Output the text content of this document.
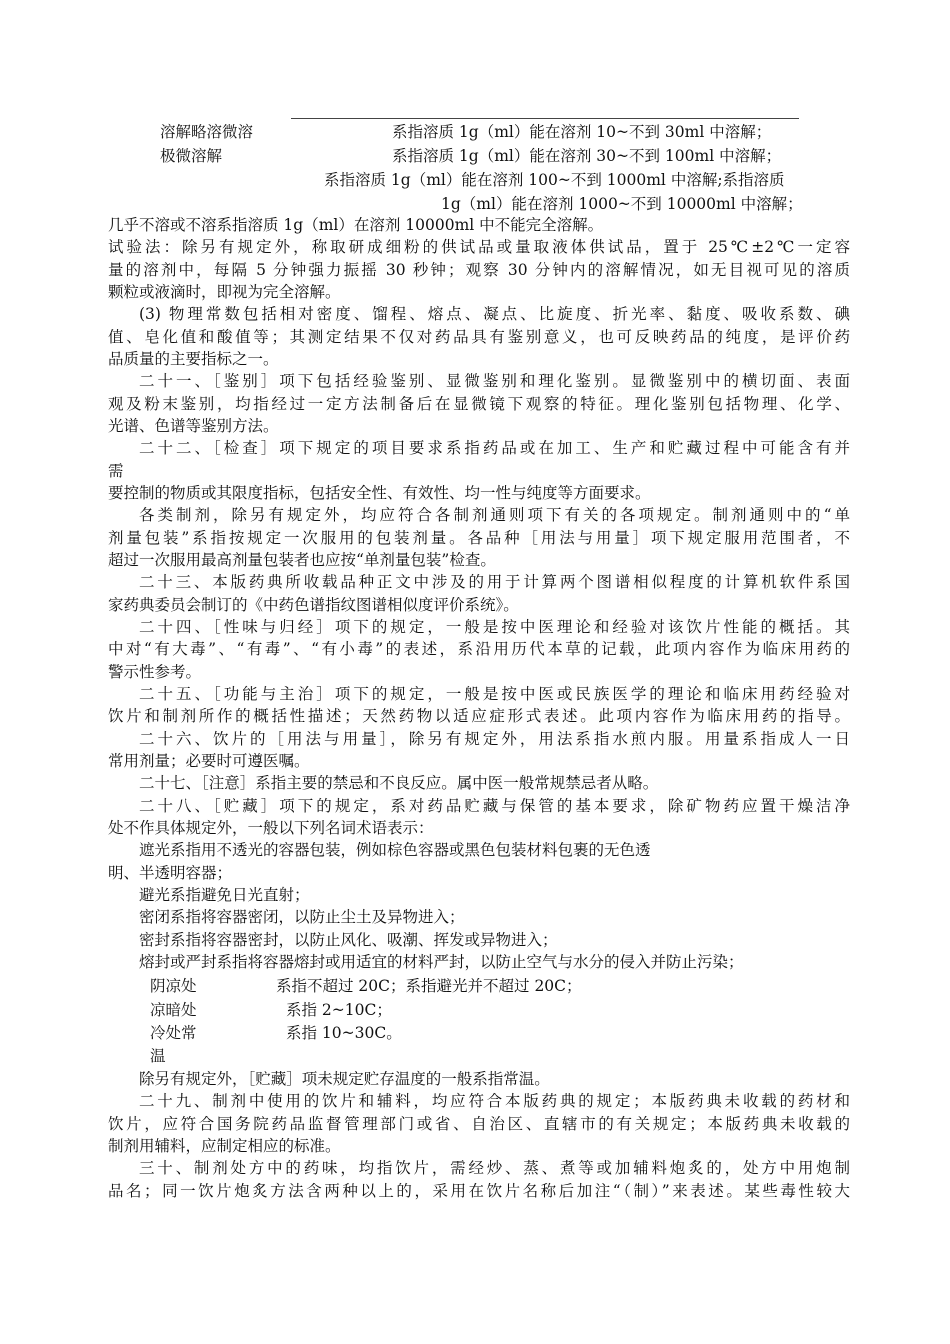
溶解略溶微溶	系指溶质 1g（ml）能在溶剂 10~不到 30ml 中溶解；
极微溶解	系指溶质 1g（ml）能在溶剂 30~不到 100ml 中溶解；
系指溶质 1g（ml）能在溶剂 100~不到 1000ml 中溶解;系指溶质
1g（ml）能在溶剂 1000~不到 10000ml 中溶解；
几乎不溶或不溶系指溶质 1g（ml）在溶剂 10000ml 中不能完全溶解。
试验法：除另有规定外，称取研成细粉的供试品或量取液体供试品，置于 25℃±2℃一定容
量的溶剂中，每隔 5 分钟强力振摇 30 秒钟；观察 30 分钟内的溶解情况，如无目视可见的溶质
颗粒或液滴时，即视为完全溶解。
(3) 物理常数包括相对密度、馏程、熔点、凝点、比旋度、折光率、黏度、吸收系数、碘
值、皂化值和酸值等；其测定结果不仅对药品具有鉴别意义，也可反映药品的纯度，是评价药
品质量的主要指标之一。
二十一、［鉴别］项下包括经验鉴别、显微鉴别和理化鉴别。显微鉴别中的横切面、表面
观及粉末鉴别，均指经过一定方法制备后在显微镜下观察的特征。理化鉴别包括物理、化学、
光谱、色谱等鉴别方法。
二十二、［检查］项下规定的项目要求系指药品或在加工、生产和贮藏过程中可能含有并
需
要控制的物质或其限度指标，包括安全性、有效性、均一性与纯度等方面要求。
各类制剂，除另有规定外，均应符合各制剂通则项下有关的各项规定。制剂通则中的“单
剂量包装”系指按规定一次服用的包装剂量。各品种［用法与用量］项下规定服用范围者，不
超过一次服用最高剂量包装者也应按“单剂量包装”检查。
二十三、本版药典所收载品种正文中涉及的用于计算两个图谱相似程度的计算机软件系国
家药典委员会制订的《中药色谱指纹图谱相似度评价系统》。
二十四、［性味与归经］项下的规定，一般是按中医理论和经验对该饮片性能的概括。其
中对“有大毒”、“有毒”、“有小毒”的表述，系沿用历代本草的记载，此项内容作为临床用药的
警示性参考。
二十五、［功能与主治］项下的规定，一般是按中医或民族医学的理论和临床用药经验对
饮片和制剂所作的概括性描述；天然药物以适应症形式表述。此项内容作为临床用药的指导。
二十六、饮片的［用法与用量］，除另有规定外，用法系指水煎内服。用量系指成人一日
常用剂量；必要时可遵医嘱。
二十七、［注意］系指主要的禁忌和不良反应。属中医一般常规禁忌者从略。
二十八、［贮藏］项下的规定，系对药品贮藏与保管的基本要求，除矿物药应置干燥洁净
处不作具体规定外，一般以下列名词术语表示：
遮光系指用不透光的容器包装，例如棕色容器或黑色包装材料包裹的无色透
明、半透明容器；
避光系指避免日光直射；
密闭系指将容器密闭，以防止尘土及异物进入；
密封系指将容器密封，以防止风化、吸潮、挥发或异物进入；
熔封或严封系指将容器熔封或用适宜的材料严封，以防止空气与水分的侵入并防止污染；
阴凉处	系指不超过 20C；系指避光并不超过 20C；
凉暗处	系指 2~10C；
冷处常	系指 10~30C。
温
除另有规定外，［贮藏］项未规定贮存温度的一般系指常温。
二十九、制剂中使用的饮片和辅料，均应符合本版药典的规定；本版药典未收载的药材和
饮片，应符合国务院药品监督管理部门或省、自治区、直辖市的有关规定；本版药典未收载的
制剂用辅料，应制定相应的标准。
三十、制剂处方中的药味，均指饮片，需经炒、蒸、煮等或加辅料炮炙的，处方中用炮制
品名；同一饮片炮炙方法含两种以上的，采用在饮片名称后加注“（制）”来表述。某些毒性较大
